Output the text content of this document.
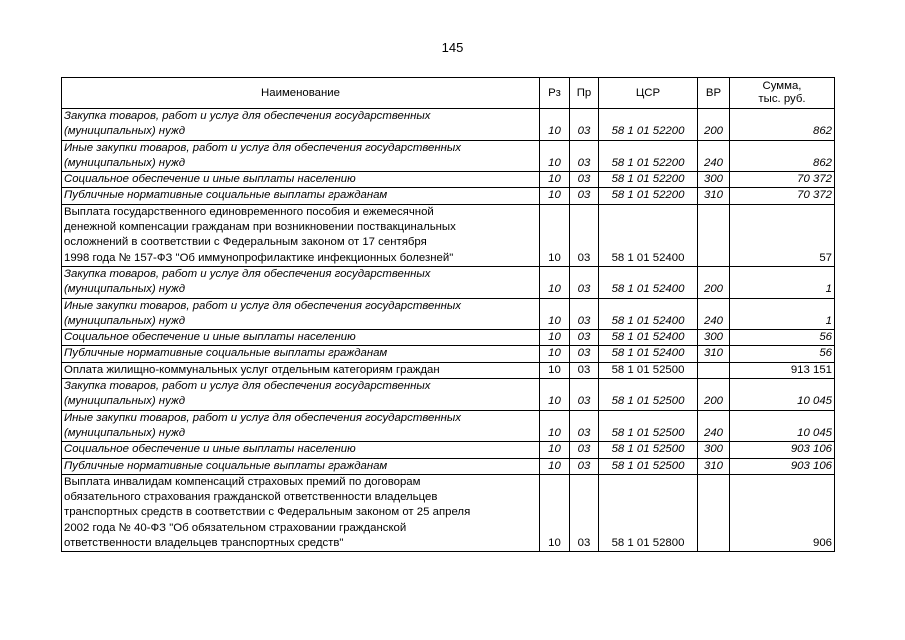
145
Наименование	Рз	Пр	ЦСР	ВР	Сумма,
тыс. руб.
Закупка товаров, работ и услуг для обеспечения государственных
(муниципальных) нужд	10	03	58 1 01 52200	200	862
Иные закупки товаров, работ и услуг для обеспечения государственных
(муниципальных) нужд	10	03	58 1 01 52200	240	862
Социальное обеспечение и иные выплаты населению	10	03	58 1 01 52200	300	70 372
Публичные нормативные социальные выплаты гражданам	10	03	58 1 01 52200	310	70 372
Выплата государственного единовременного пособия и ежемесячной
денежной компенсации гражданам при возникновении поствакцинальных
осложнений в соответствии с Федеральным законом от 17 сентября
1998 года № 157-ФЗ "Об иммунопрофилактике инфекционных болезней"	10	03	58 1 01 52400		57
Закупка товаров, работ и услуг для обеспечения государственных
(муниципальных) нужд	10	03	58 1 01 52400	200	1
Иные закупки товаров, работ и услуг для обеспечения государственных
(муниципальных) нужд	10	03	58 1 01 52400	240	1
Социальное обеспечение и иные выплаты населению	10	03	58 1 01 52400	300	56
Публичные нормативные социальные выплаты гражданам	10	03	58 1 01 52400	310	56
Оплата жилищно-коммунальных услуг отдельным категориям граждан	10	03	58 1 01 52500		913 151
Закупка товаров, работ и услуг для обеспечения государственных
(муниципальных) нужд	10	03	58 1 01 52500	200	10 045
Иные закупки товаров, работ и услуг для обеспечения государственных
(муниципальных) нужд	10	03	58 1 01 52500	240	10 045
Социальное обеспечение и иные выплаты населению	10	03	58 1 01 52500	300	903 106
Публичные нормативные социальные выплаты гражданам	10	03	58 1 01 52500	310	903 106
Выплата инвалидам компенсаций страховых премий по договорам
обязательного страхования гражданской ответственности владельцев
транспортных средств в соответствии с Федеральным законом от 25 апреля
2002 года № 40-ФЗ "Об обязательном страховании гражданской
ответственности владельцев транспортных средств"	10	03	58 1 01 52800		906
